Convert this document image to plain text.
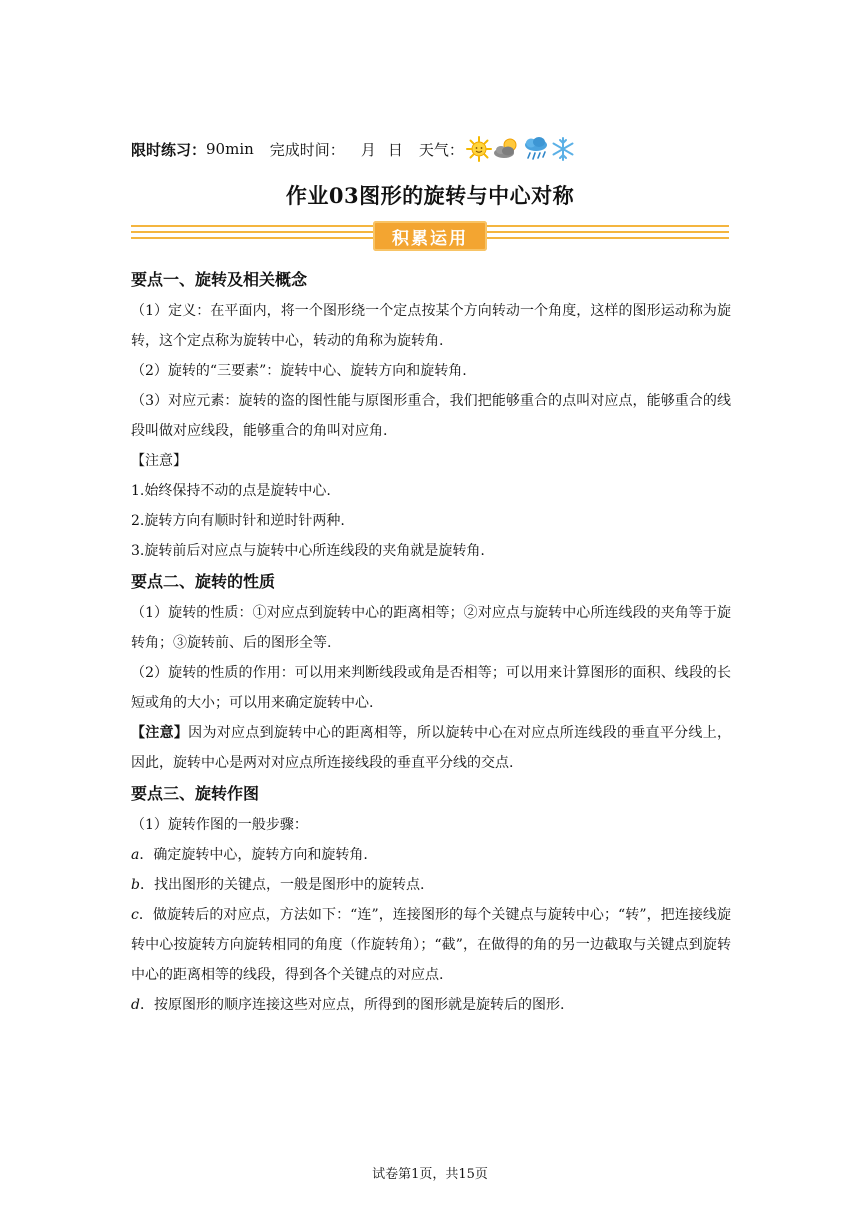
限时练习： 90min 完成时间： 月 日 天气：
作业03图形的旋转与中心对称
积累运用
要点一、旋转及相关概念

（1）定义：在平面内，将一个图形绕一个定点按某个方向转动一个角度，这样的图形运动称为旋转，这个定点称为旋转中心，转动的角称为旋转角.

（2）旋转的“三要素”：旋转中心、旋转方向和旋转角.

（3）对应元素：旋转的盗的图性能与原图形重合，我们把能够重合的点叫对应点，能够重合的线段叫做对应线段，能够重合的角叫对应角.

【注意】

1.始终保持不动的点是旋转中心.

2.旋转方向有顺时针和逆时针两种.

3.旋转前后对应点与旋转中心所连线段的夹角就是旋转角.

要点二、旋转的性质

（1）旋转的性质：①对应点到旋转中心的距离相等；②对应点与旋转中心所连线段的夹角等于旋转角；③旋转前、后的图形全等.

（2）旋转的性质的作用：可以用来判断线段或角是否相等；可以用来计算图形的面积、线段的长短或角的大小；可以用来确定旋转中心.

【注意】因为对应点到旋转中心的距离相等，所以旋转中心在对应点所连线段的垂直平分线上，因此，旋转中心是两对对应点所连接线段的垂直平分线的交点.

要点三、旋转作图

（1）旋转作图的一般步骤：

a．确定旋转中心，旋转方向和旋转角.

b．找出图形的关键点，一般是图形中的旋转点.

c．做旋转后的对应点，方法如下：“连”，连接图形的每个关键点与旋转中心；“转”，把连接线旋转中心按旋转方向旋转相同的角度（作旋转角）；“截”，在做得的角的另一边截取与关键点到旋转中心的距离相等的线段，得到各个关键点的对应点.

d．按原图形的顺序连接这些对应点，所得到的图形就是旋转后的图形.

试卷第1页，共15页
